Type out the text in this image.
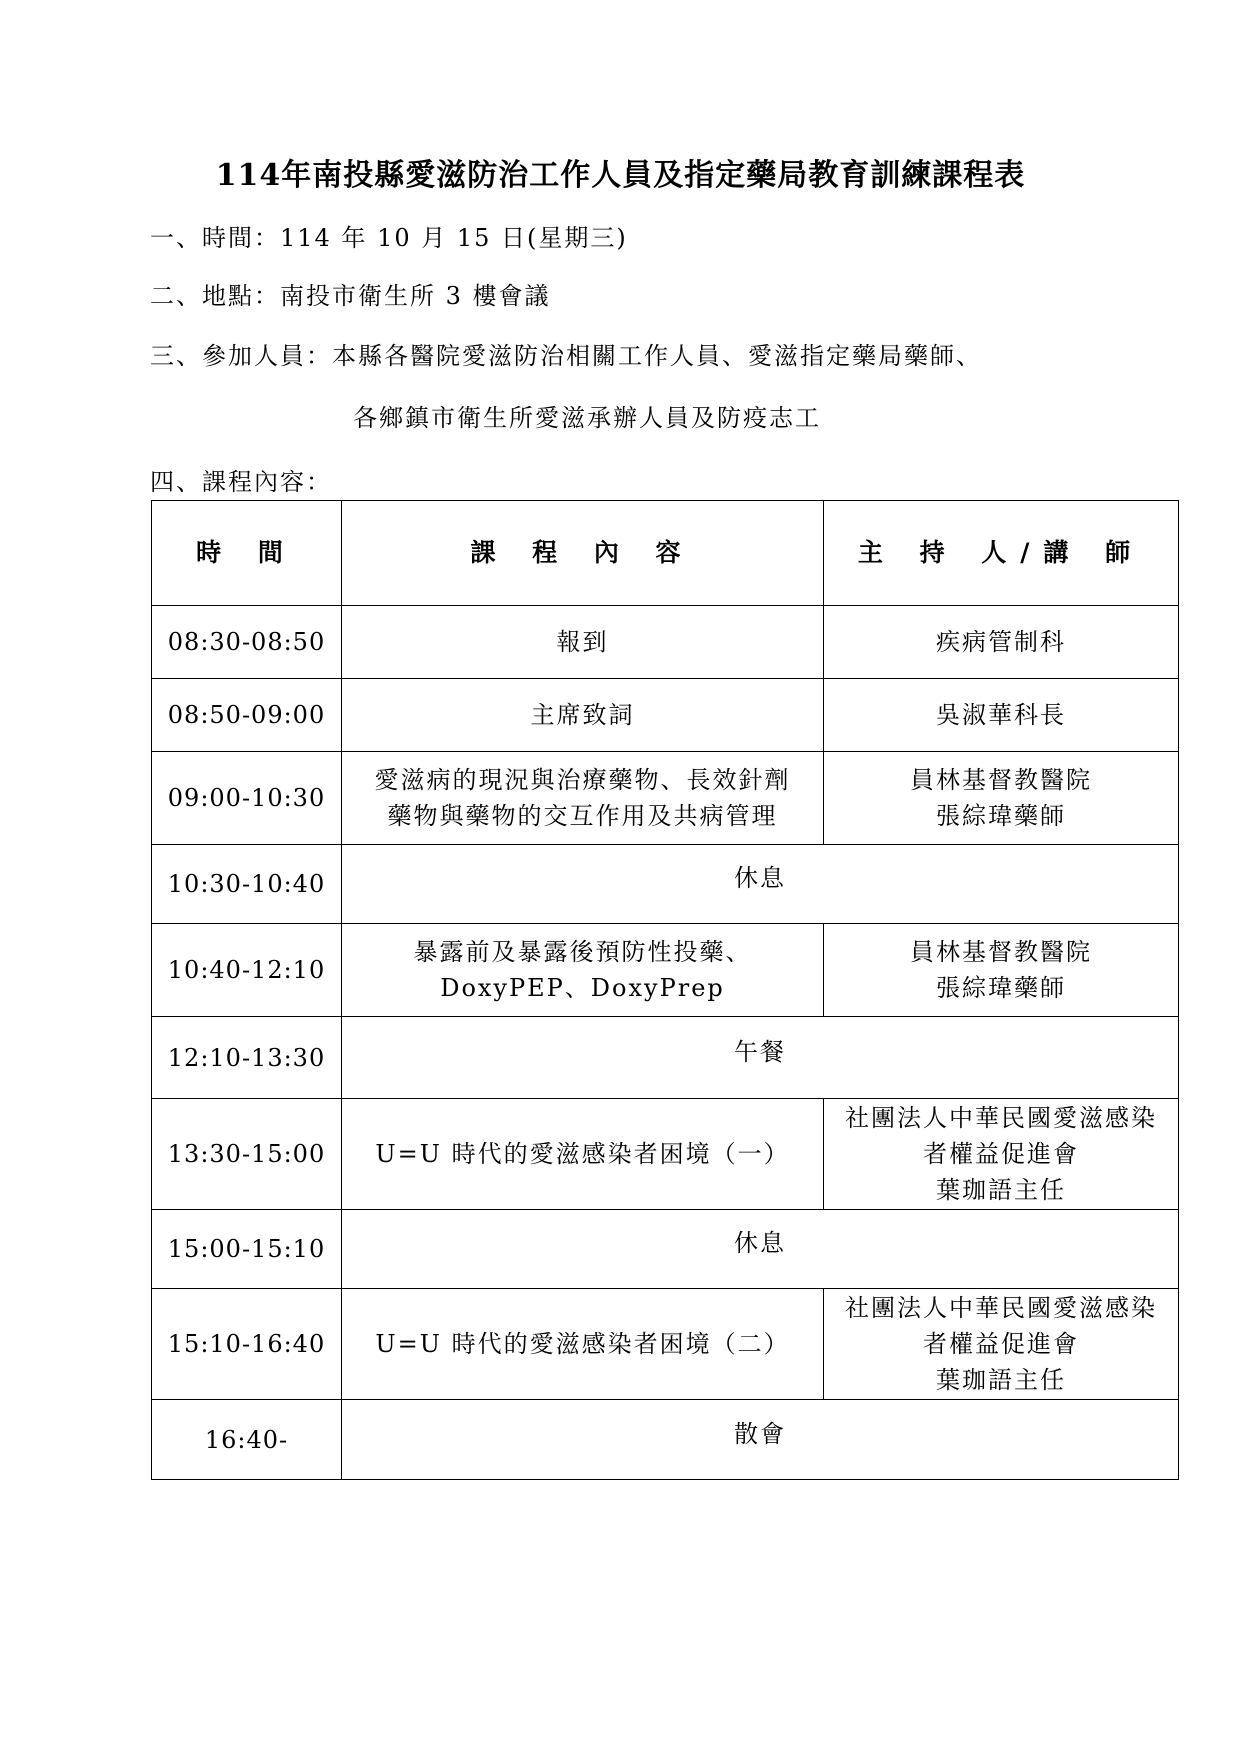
114年南投縣愛滋防治工作人員及指定藥局教育訓練課程表
一、時間：114 年 10 月 15 日(星期三)
二、地點：南投市衛生所 3 樓會議
三、參加人員：本縣各醫院愛滋防治相關工作人員、愛滋指定藥局藥師、
各鄉鎮市衛生所愛滋承辦人員及防疫志工
四、課程內容：
時 間	課 程 內 容	主 持 人/講 師
08:30-08:50	報到	疾病管制科

08:50-09:00	主席致詞	吳淑華科長

09:00-10:30	愛滋病的現況與治療藥物、長效針劑
藥物與藥物的交互作用及共病管理	員林基督教醫院
張綜瑋藥師

10:30-10:40	休息	

10:40-12:10	暴露前及暴露後預防性投藥、
DoxyPEP、DoxyPrep	員林基督教醫院
張綜瑋藥師

12:10-13:30	午餐	

13:30-15:00	U=U 時代的愛滋感染者困境（一）	社團法人中華民國愛滋感染
者權益促進會
葉珈語主任

15:00-15:10	休息	

15:10-16:40	U=U 時代的愛滋感染者困境（二）	社團法人中華民國愛滋感染
者權益促進會
葉珈語主任

16:40-	散會	
